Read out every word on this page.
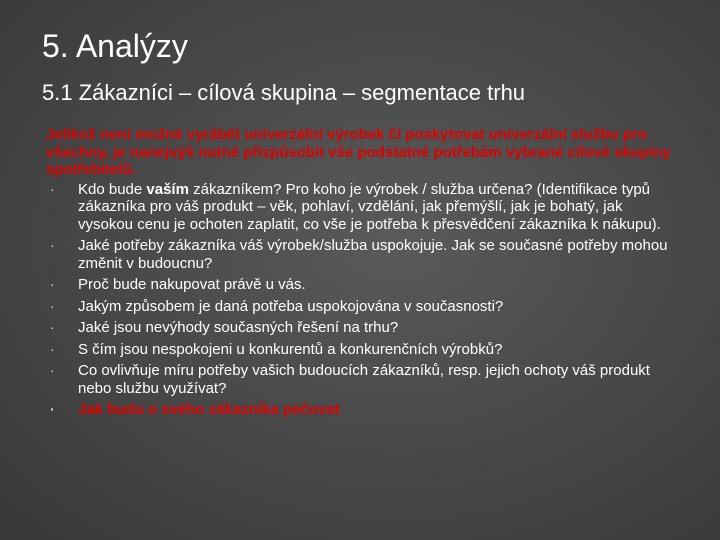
5. Analýzy
5.1 Zákazníci – cílová skupina – segmentace trhu

Jelikož není možné vyrábět univerzální výrobek či poskytovat univerzální službu pro všechny, je nanejvýš nutné přizpůsobit vše podstatné potřebám vybrané cílové skupiny spotřebitelů.

· Kdo bude vaším zákazníkem? Pro koho je výrobek / služba určena? (Identifikace typů zákazníka pro váš produkt – věk, pohlaví, vzdělání, jak přemýšlí, jak je bohatý, jak vysokou cenu je ochoten zaplatit, co vše je potřeba k přesvědčení zákazníka k nákupu).
· Jaké potřeby zákazníka váš výrobek/služba uspokojuje. Jak se současné potřeby mohou změnit v budoucnu?
· Proč bude nakupovat právě u vás.
· Jakým způsobem je daná potřeba uspokojována v současnosti?
· Jaké jsou nevýhody současných řešení na trhu?
· S čím jsou nespokojeni u konkurentů a konkurenčních výrobků?
· Co ovlivňuje míru potřeby vašich budoucích zákazníků, resp. jejich ochoty váš produkt nebo službu využívat?
· Jak budu o svého zákazníka pečovat
